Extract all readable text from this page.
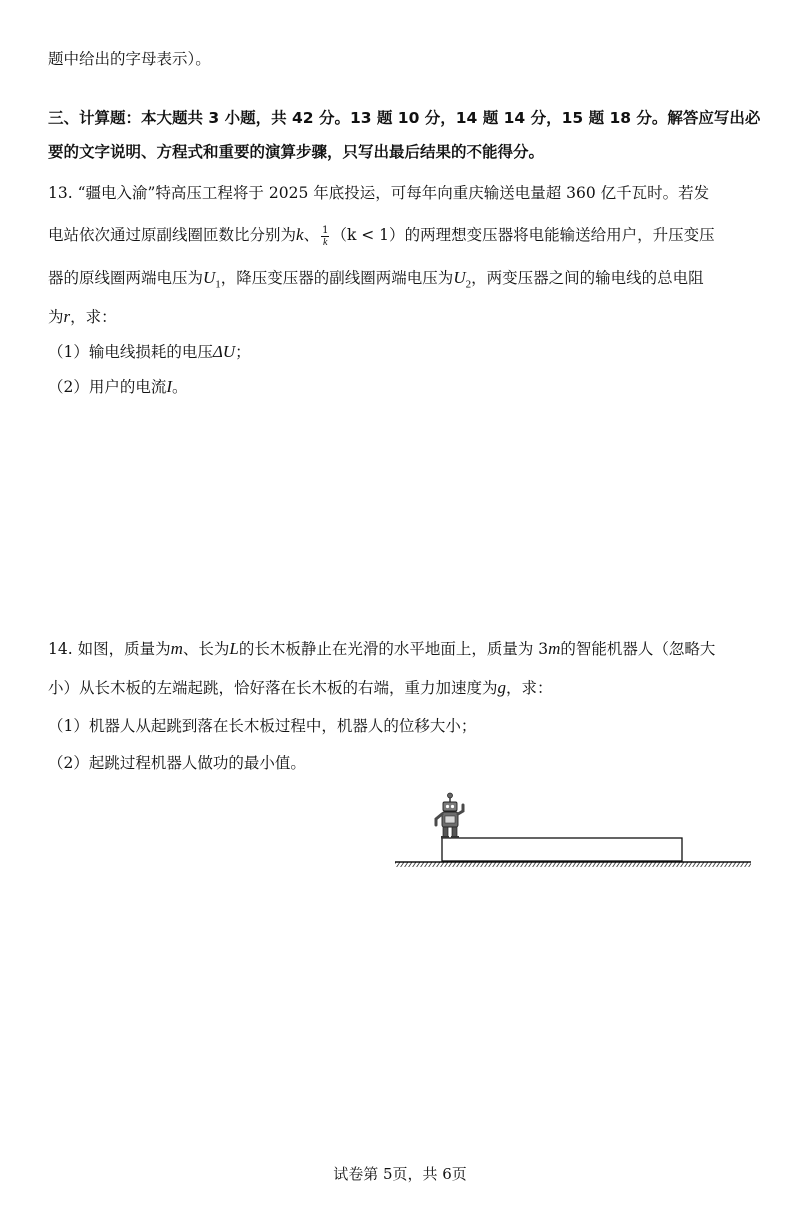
题中给出的字母表示）。
三、计算题：本大题共 3 小题，共 42 分。13 题 10 分，14 题 14 分，15 题 18 分。解答应写出必
要的文字说明、方程式和重要的演算步骤，只写出最后结果的不能得分。
13. “疆电入渝”特高压工程将于 2025 年底投运，可每年向重庆输送电量超 360 亿千瓦时。若发
电站依次通过原副线圈匝数比分别为k、 $\frac{1}{k} (k < 1)$的两理想变压器将电能输送给用户，升压变压
器的原线圈两端电压为$U_1$，降压变压器的副线圈两端电压为$U_2$，两变压器之间的输电线的总电阻
为r，求：
（1）输电线损耗的电压ΔU；
（2）用户的电流I。
14. 如图，质量为m、长为L的长木板静止在光滑的水平地面上，质量为 3m的智能机器人（忽略大
小）从长木板的左端起跳，恰好落在长木板的右端，重力加速度为g，求：
（1）机器人从起跳到落在长木板过程中，机器人的位移大小；
（2）起跳过程机器人做功的最小值。
试卷第 5页，共 6页
